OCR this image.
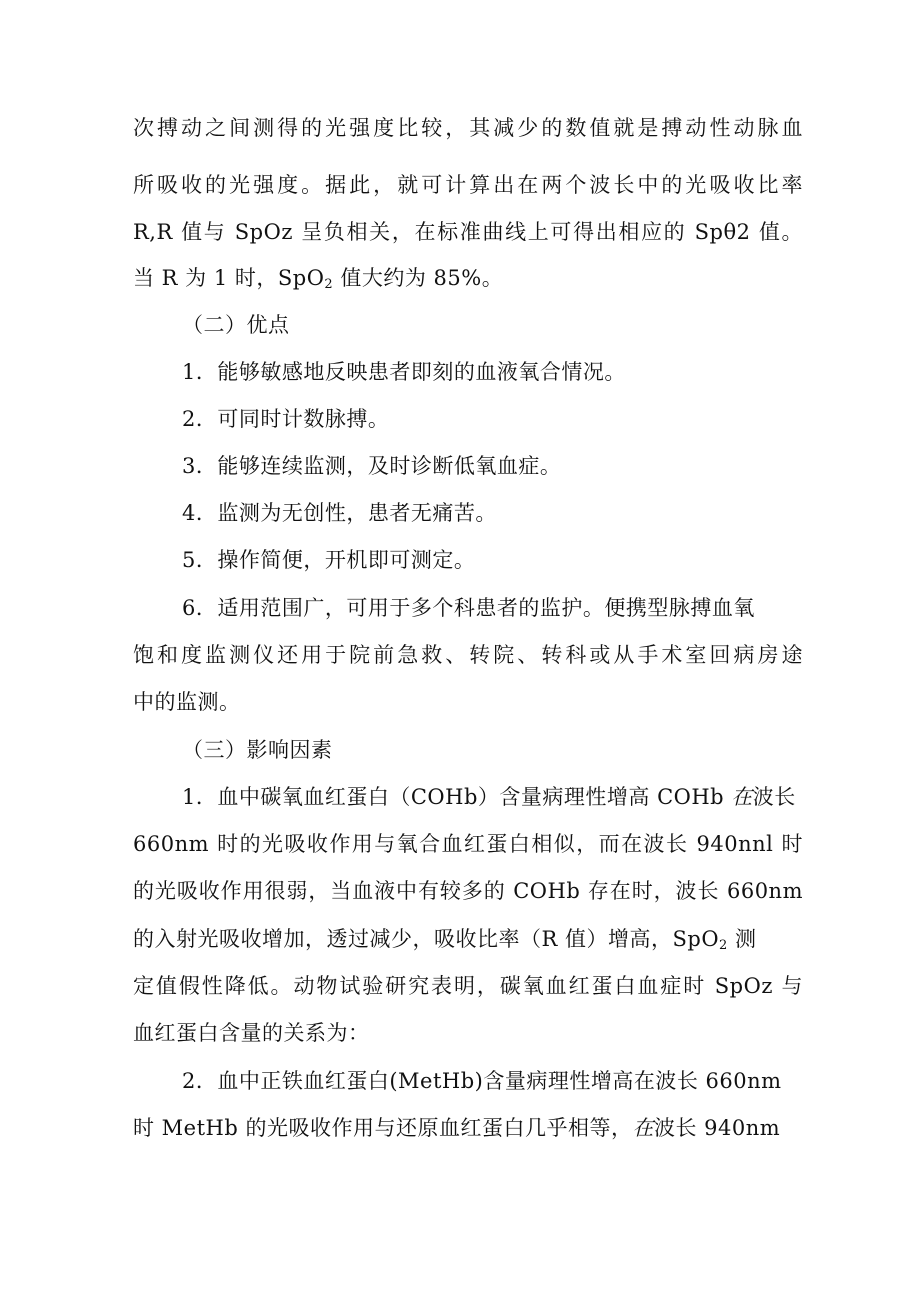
次搏动之间测得的光强度比较，其减少的数值就是搏动性动脉血
所吸收的光强度。据此，就可计算出在两个波长中的光吸收比率
R,R 值与 SpOz 呈负相关，在标准曲线上可得出相应的 Spθ2 值。
当 R 为 1 时，SpO$_2$ 值大约为 85%。
（二）优点
1．能够敏感地反映患者即刻的血液氧合情况。
2．可同时计数脉搏。
3．能够连续监测，及时诊断低氧血症。
4．监测为无创性，患者无痛苦。
5．操作简便，开机即可测定。
6．适用范围广，可用于多个科患者的监护。便携型脉搏血氧
饱和度监测仪还用于院前急救、转院、转科或从手术室回病房途
中的监测。
（三）影响因素
1．血中碳氧血红蛋白（COHb）含量病理性增高 COHb 在波长
660nm 时的光吸收作用与氧合血红蛋白相似，而在波长 940nnl 时
的光吸收作用很弱，当血液中有较多的 COHb 存在时，波长 660nm
的入射光吸收增加，透过减少，吸收比率（R 值）增高，SpO$_2$ 测
定值假性降低。动物试验研究表明，碳氧血红蛋白血症时 SpOz 与
血红蛋白含量的关系为：
2．血中正铁血红蛋白(MetHb)含量病理性增高在波长 660nm
时 MetHb 的光吸收作用与还原血红蛋白几乎相等，在波长 940nm
